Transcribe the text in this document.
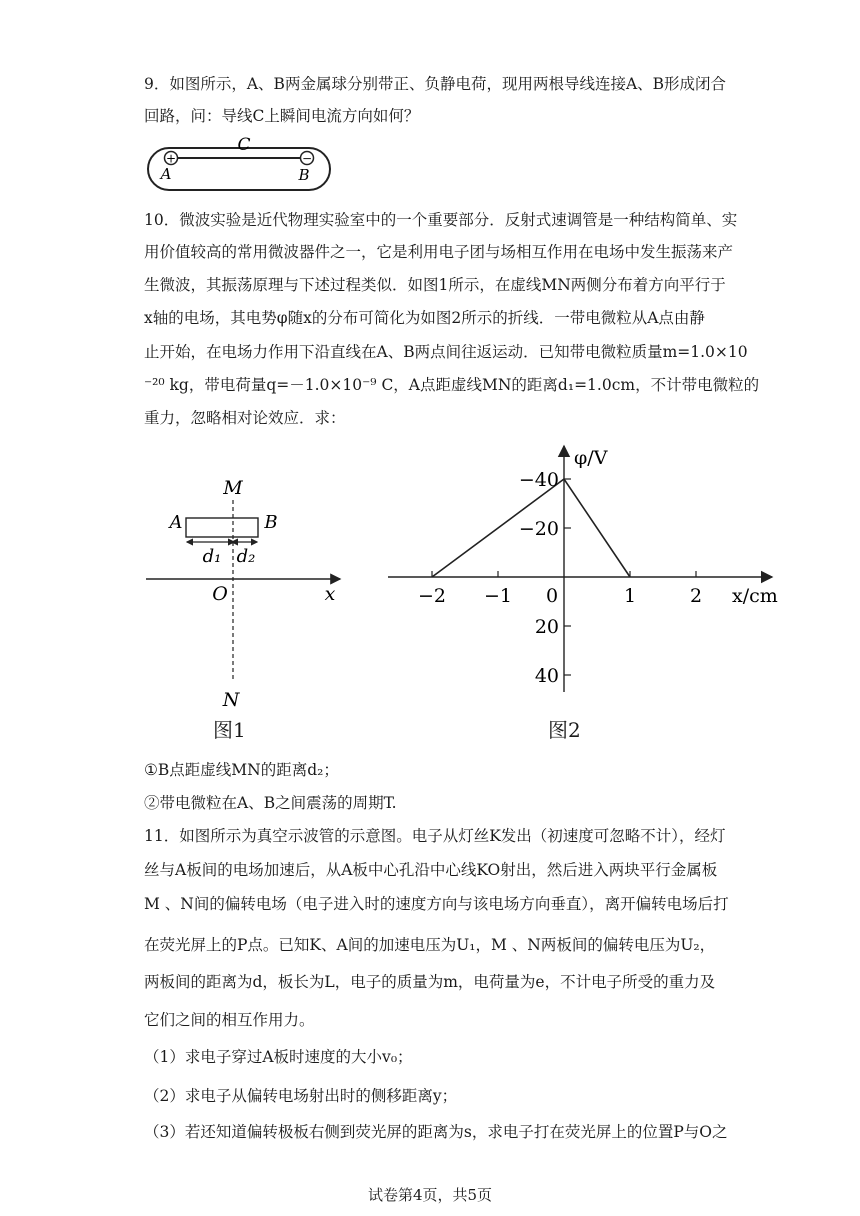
9．如图所示，A、B两金属球分别带正、负静电荷，现用两根导线连接A、B形成闭合
回路，问：导线C上瞬间电流方向如何？
+	−
C
A	B
10．微波实验是近代物理实验室中的一个重要部分．反射式速调管是一种结构简单、实
用价值较高的常用微波器件之一，它是利用电子团与场相互作用在电场中发生振荡来产
生微波，其振荡原理与下述过程类似．如图1所示，在虚线MN两侧分布着方向平行于
x轴的电场，其电势φ随x的分布可简化为如图2所示的折线．一带电微粒从A点由静
止开始，在电场力作用下沿直线在A、B两点间往返运动．已知带电微粒质量m=1.0×10
⁻²⁰ kg，带电荷量q=－1.0×10⁻⁹ C，A点距虚线MN的距离d₁=1.0cm，不计带电微粒的
重力，忽略相对论效应．求：
M
N
O	x
A	B
d₁ d₂
图1
−2 −1 0	1	2
40
20
−20
−40
φ/V
x/cm
图2
①B点距虚线MN的距离d₂；
②带电微粒在A、B之间震荡的周期T.
11．如图所示为真空示波管的示意图。电子从灯丝K发出（初速度可忽略不计），经灯
丝与A板间的电场加速后，从A板中心孔沿中心线KO射出，然后进入两块平行金属板
M 、N间的偏转电场（电子进入时的速度方向与该电场方向垂直），离开偏转电场后打
在荧光屏上的P点。已知K、A间的加速电压为U₁，M 、N两板间的偏转电压为U₂，
两板间的距离为d，板长为L，电子的质量为m，电荷量为e，不计电子所受的重力及
它们之间的相互作用力。
（1）求电子穿过A板时速度的大小v₀；
（2）求电子从偏转电场射出时的侧移距离y；
（3）若还知道偏转极板右侧到荧光屏的距离为s，求电子打在荧光屏上的位置P与O之
试卷第4页，共5页
